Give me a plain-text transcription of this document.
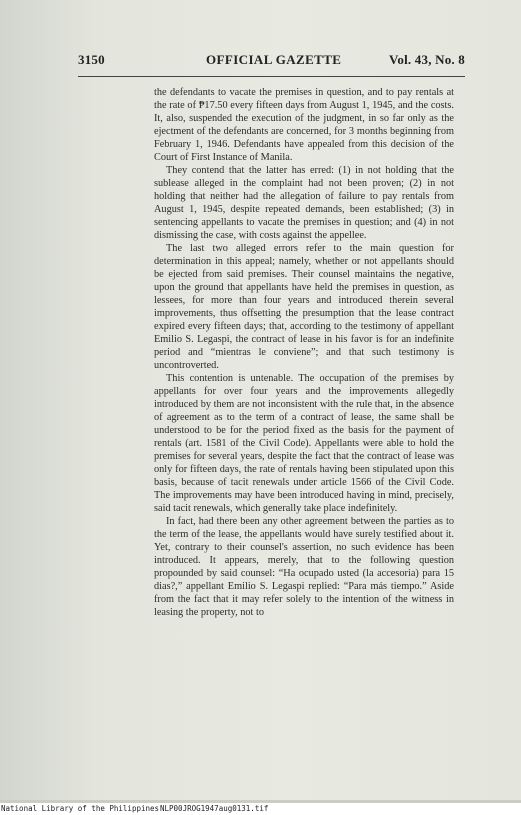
3150	OFFICIAL GAZETTE	Vol. 43, No. 8

the defendants to vacate the premises in question, and to pay rentals at the rate of ₱17.50 every fifteen days from August 1, 1945, and the costs. It, also, suspended the execution of the judgment, in so far only as the ejectment of the defendants are concerned, for 3 months beginning from February 1, 1946. Defendants have appealed from this decision of the Court of First Instance of Manila.

They contend that the latter has erred: (1) in not holding that the sublease alleged in the complaint had not been proven; (2) in not holding that neither had the allegation of failure to pay rentals from August 1, 1945, despite repeated demands, been established; (3) in sentencing appellants to vacate the premises in question; and (4) in not dismissing the case, with costs against the appellee.

The last two alleged errors refer to the main question for determination in this appeal; namely, whether or not appellants should be ejected from said premises. Their counsel maintains the negative, upon the ground that appellants have held the premises in question, as lessees, for more than four years and introduced therein several improvements, thus offsetting the presumption that the lease contract expired every fifteen days; that, according to the testimony of appellant Emilio S. Legaspi, the contract of lease in his favor is for an indefinite period and “mientras le conviene”; and that such testimony is uncontroverted.

This contention is untenable. The occupation of the premises by appellants for over four years and the improvements allegedly introduced by them are not inconsistent with the rule that, in the absence of agreement as to the term of a contract of lease, the same shall be understood to be for the period fixed as the basis for the payment of rentals (art. 1581 of the Civil Code). Appellants were able to hold the premises for several years, despite the fact that the contract of lease was only for fifteen days, the rate of rentals having been stipulated upon this basis, because of tacit renewals under article 1566 of the Civil Code. The improvements may have been introduced having in mind, precisely, said tacit renewals, which generally take place indefinitely.

In fact, had there been any other agreement between the parties as to the term of the lease, the appellants would have surely testified about it. Yet, contrary to their counsel's assertion, no such evidence has been introduced. It appears, merely, that to the following question propounded by said counsel: “Ha ocupado usted (la accesoria) para 15 dias?,” appellant Emilio S. Legaspi replied: “Para más tiempo.” Aside from the fact that it may refer solely to the intention of the witness in leasing the property, not to

National Library of the Philippines NLP00JROG1947aug0131.tif
